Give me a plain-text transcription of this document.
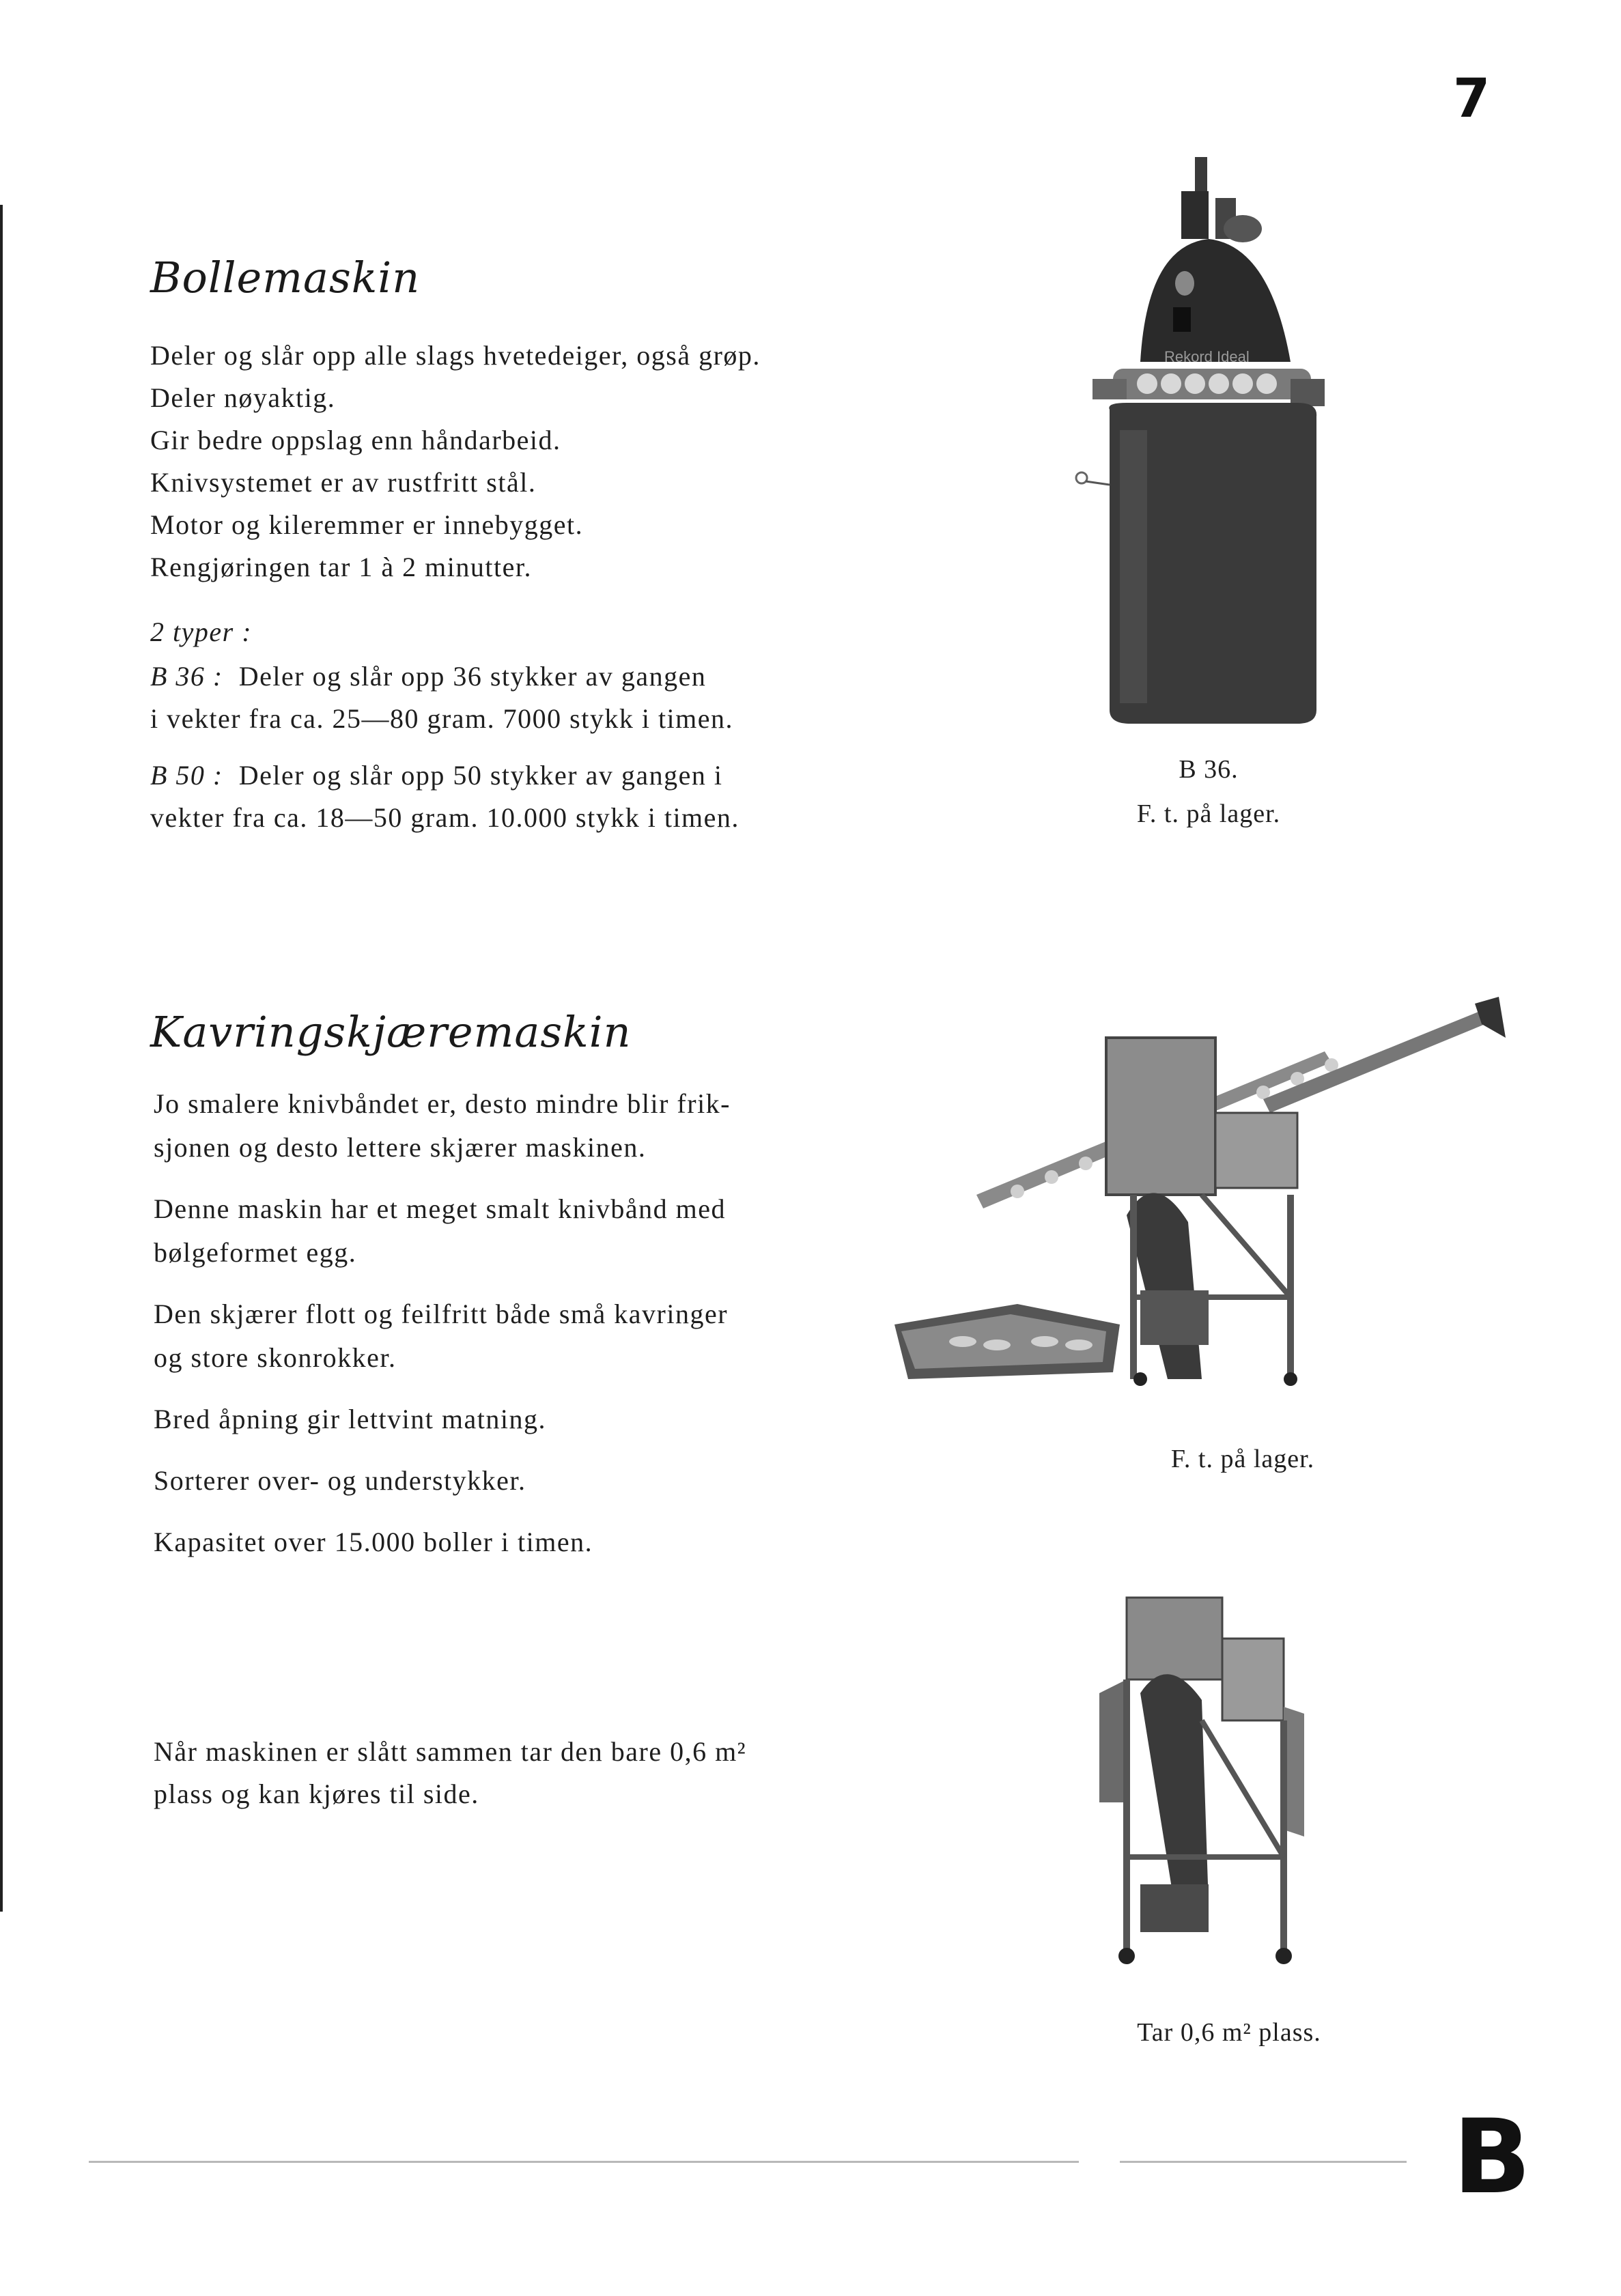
7
Bollemaskin
Deler og slår opp alle slags hvetedeiger, også grøp.
Deler nøyaktig.
Gir bedre oppslag enn håndarbeid.
Knivsystemet er av rustfritt stål.
Motor og kileremmer er innebygget.
Rengjøringen tar 1 à 2 minutter.
2 typer :
B 36 : Deler og slår opp 36 stykker av gangen
i vekter fra ca. 25—80 gram. 7000 stykk i timen.
B 50 : Deler og slår opp 50 stykker av gangen i
vekter fra ca. 18—50 gram. 10.000 stykk i timen.
Rekord Ideal
B 36.
F. t. på lager.
Kavringskjæremaskin

Jo smalere knivbåndet er, desto mindre blir frik-
sjonen og desto lettere skjærer maskinen.

Denne maskin har et meget smalt knivbånd med
bølgeformet egg.

Den skjærer flott og feilfritt både små kavringer
og store skonrokker.

Bred åpning gir lettvint matning.

Sorterer over- og understykker.

Kapasitet over 15.000 boller i timen.

F. t. på lager.
Når maskinen er slått sammen tar den bare 0,6 m²
plass og kan kjøres til side.
Tar 0,6 m² plass.
B
